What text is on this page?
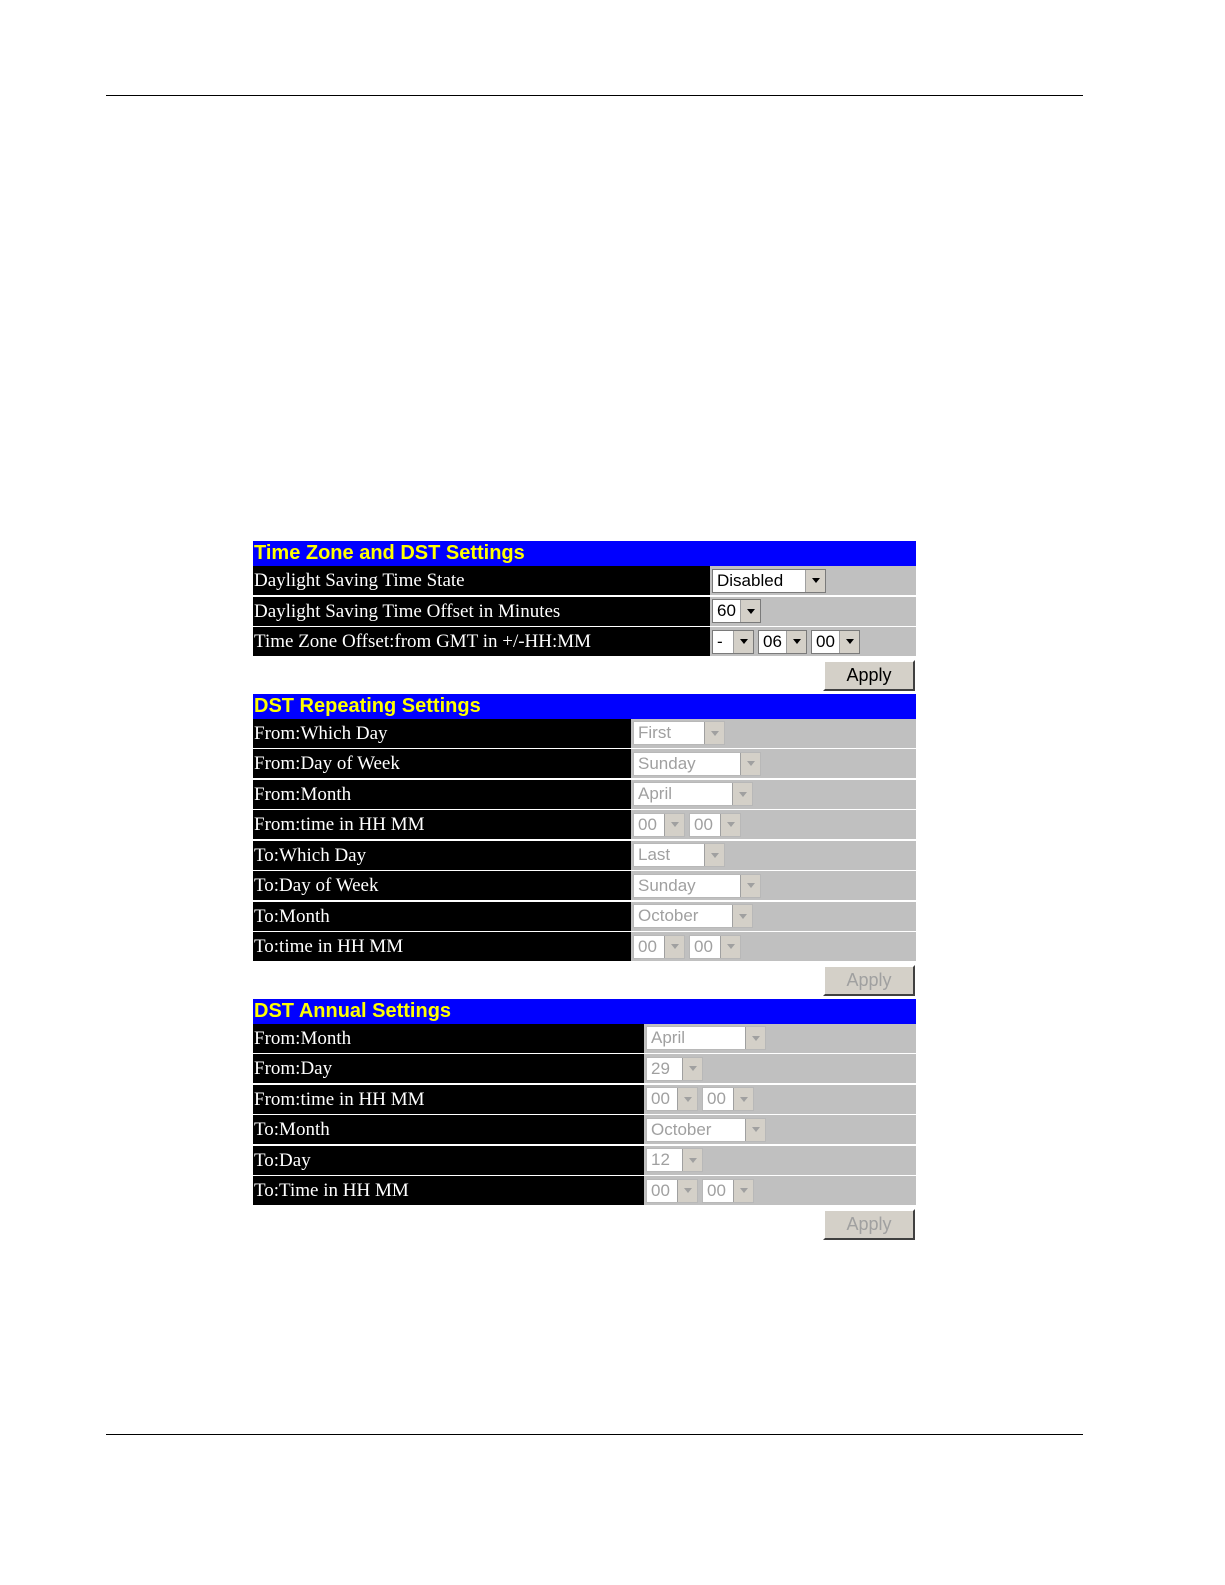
Time Zone and DST Settings
Daylight Saving Time State	Disabled
Daylight Saving Time Offset in Minutes	60
Time Zone Offset:from GMT in +/-HH:MM	-	06 00
Apply
DST Repeating Settings
From:Which Day	First
From:Day of Week	Sunday
From:Month	April
From:time in HH MM	00	00
To:Which Day	Last
To:Day of Week	Sunday
To:Month	October
To:time in HH MM	00	00
Apply
DST Annual Settings
From:Month	April
From:Day	29
From:time in HH MM	00	00
To:Month	October
To:Day	12
To:Time in HH MM	00	00
Apply
